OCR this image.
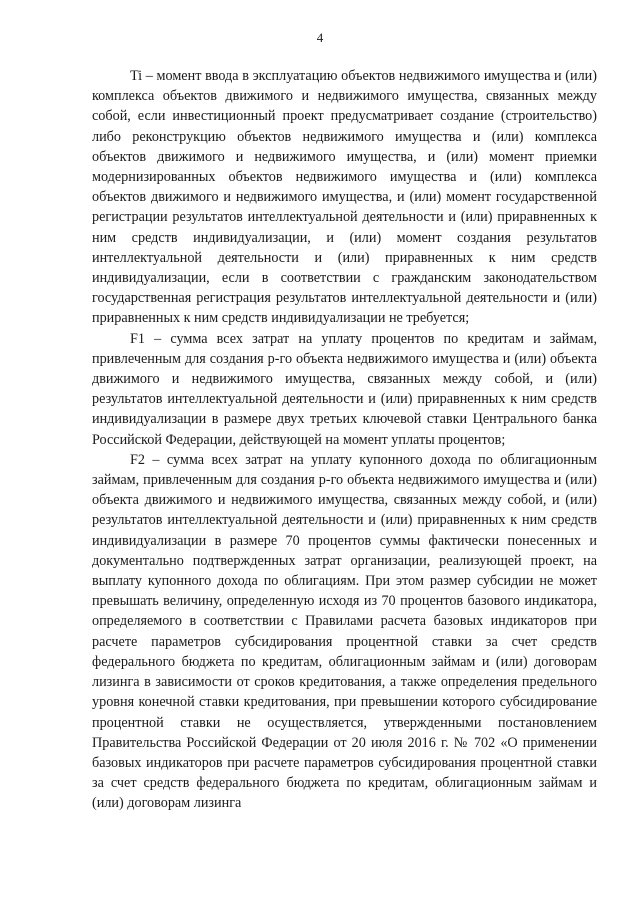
4

Ti – момент ввода в эксплуатацию объектов недвижимого имущества и (или) комплекса объектов движимого и недвижимого имущества, связанных между собой, если инвестиционный проект предусматривает создание (строительство) либо реконструкцию объектов недвижимого имущества и (или) комплекса объектов движимого и недвижимого имущества, и (или) момент приемки модернизированных объектов недвижимого имущества и (или) комплекса объектов движимого и недвижимого имущества, и (или) момент государственной регистрации результатов интеллектуальной деятельности и (или) приравненных к ним средств индивидуализации, и (или) момент создания результатов интеллектуальной деятельности и (или) приравненных к ним средств индивидуализации, если в соответствии с гражданским законодательством государственная регистрация результатов интеллектуальной деятельности и (или) приравненных к ним средств индивидуализации не требуется;

F1 – сумма всех затрат на уплату процентов по кредитам и займам, привлеченным для создания p-го объекта недвижимого имущества и (или) объекта движимого и недвижимого имущества, связанных между собой, и (или) результатов интеллектуальной деятельности и (или) приравненных к ним средств индивидуализации в размере двух третьих ключевой ставки Центрального банка Российской Федерации, действующей на момент уплаты процентов;

F2 – сумма всех затрат на уплату купонного дохода по облигационным займам, привлеченным для создания p-го объекта недвижимого имущества и (или) объекта движимого и недвижимого имущества, связанных между собой, и (или) результатов интеллектуальной деятельности и (или) приравненных к ним средств индивидуализации в размере 70 процентов суммы фактически понесенных и документально подтвержденных затрат организации, реализующей проект, на выплату купонного дохода по облигациям. При этом размер субсидии не может превышать величину, определенную исходя из 70 процентов базового индикатора, определяемого в соответствии с Правилами расчета базовых индикаторов при расчете параметров субсидирования процентной ставки за счет средств федерального бюджета по кредитам, облигационным займам и (или) договорам лизинга в зависимости от сроков кредитования, а также определения предельного уровня конечной ставки кредитования, при превышении которого субсидирование процентной ставки не осуществляется, утвержденными постановлением Правительства Российской Федерации от 20 июля 2016 г. № 702 «О применении базовых индикаторов при расчете параметров субсидирования процентной ставки за счет средств федерального бюджета по кредитам, облигационным займам и (или) договорам лизинга
